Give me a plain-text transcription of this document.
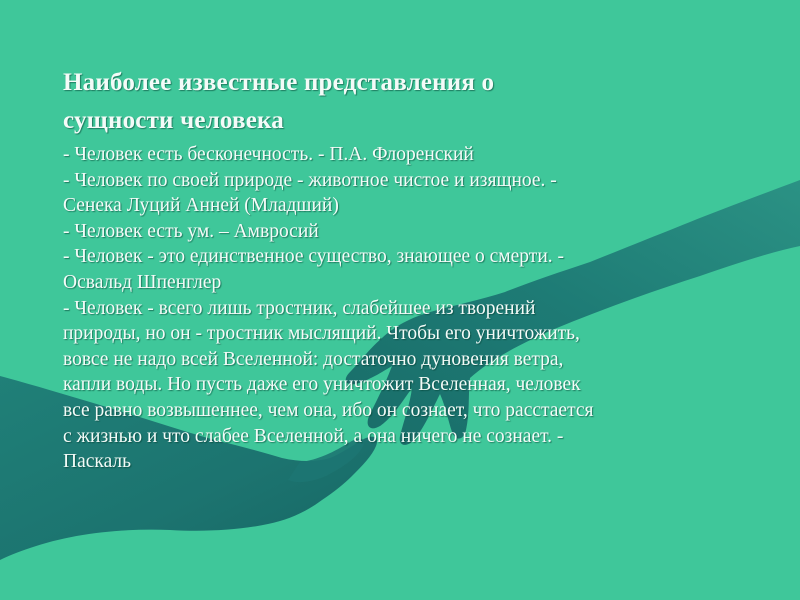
Наиболее известные представления о
сущности человека
- Человек есть бесконечность. - П.А. Флоренский
- Человек по своей природе - животное чистое и изящное. -
Сенека Луций Анней (Младший)
- Человек есть ум. – Амвросий
- Человек - это единственное существо, знающее о смерти. -
Освальд Шпенглер
- Человек - всего лишь тростник, слабейшее из творений
природы, но он - тростник мыслящий. Чтобы его уничтожить,
вовсе не надо всей Вселенной: достаточно дуновения ветра,
капли воды. Но пусть даже его уничтожит Вселенная, человек
все равно возвышеннее, чем она, ибо он сознает, что расстается
с жизнью и что слабее Вселенной, а она ничего не сознает. -
Паскаль
